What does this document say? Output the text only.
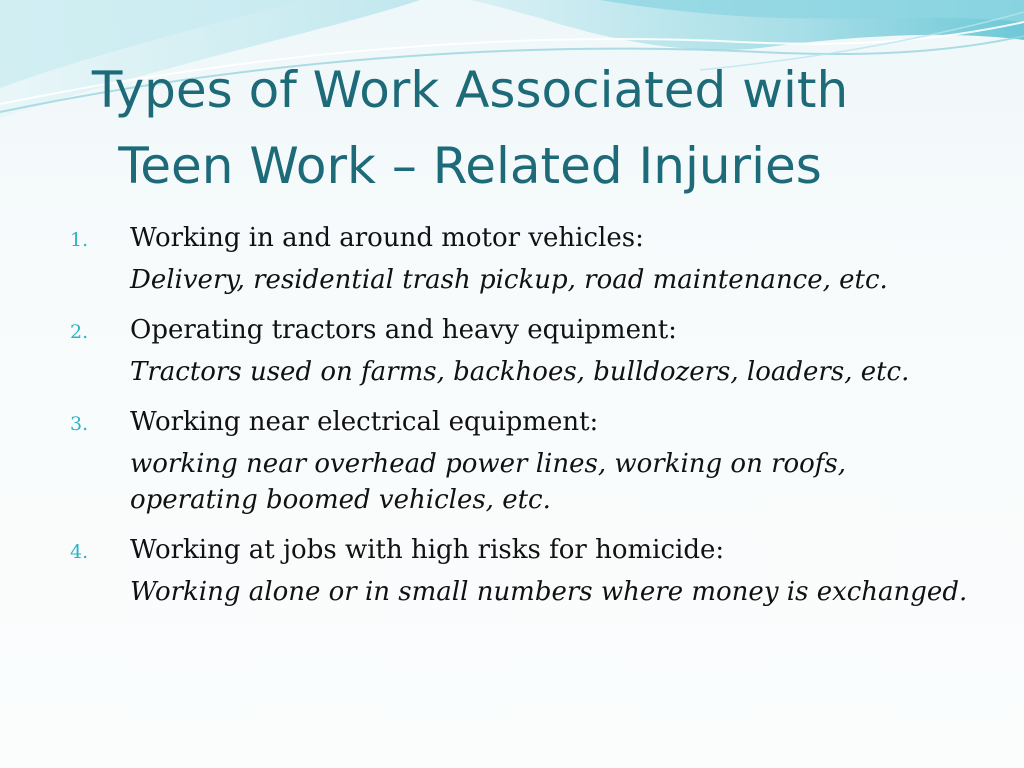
Types of Work Associated with
Teen Work – Related Injuries
1.	Working in and around motor vehicles:
Delivery, residential trash pickup, road maintenance, etc.
2.	Operating tractors and heavy equipment:
Tractors used on farms, backhoes, bulldozers, loaders, etc.
3.	Working near electrical equipment:
working near overhead power lines, working on roofs, operating boomed vehicles, etc.
4.	Working at jobs with high risks for homicide:
Working alone or in small numbers where money is exchanged.
